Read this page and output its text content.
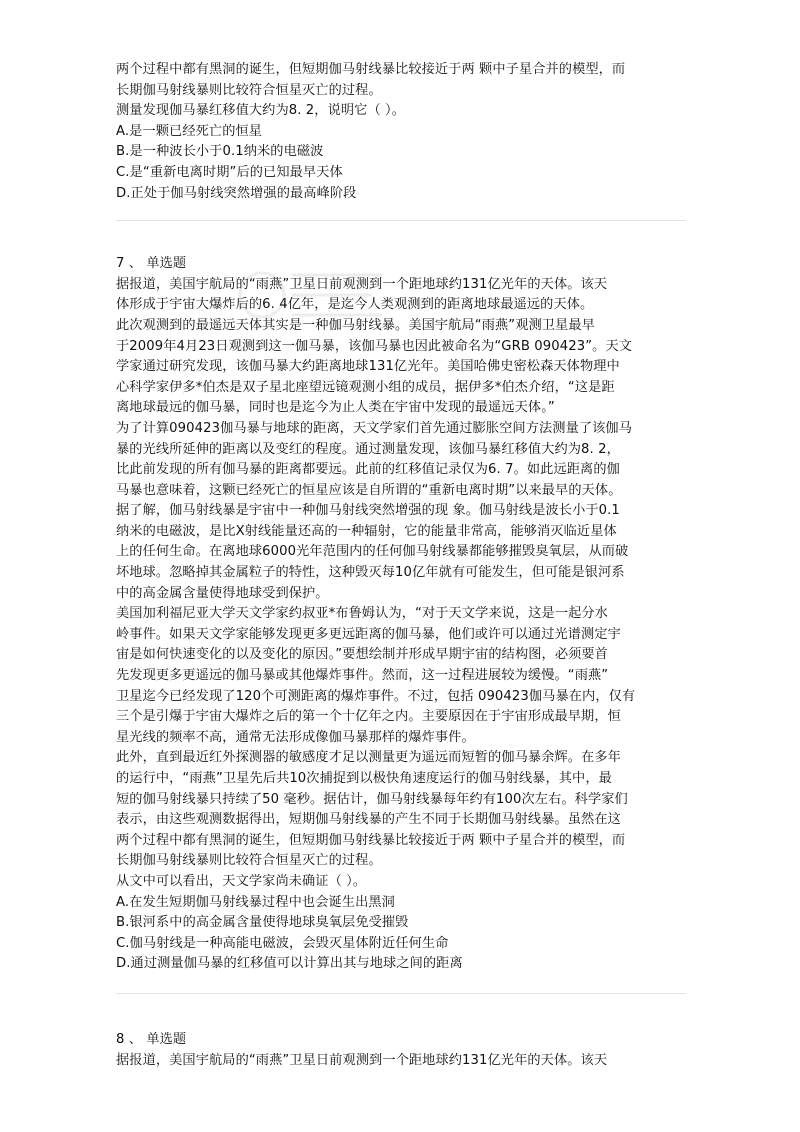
两个过程中都有黑洞的诞生，但短期伽马射线暴比较接近于两 颗中子星合并的模型，而
长期伽马射线暴则比较符合恒星灭亡的过程。
测量发现伽马暴红移值大约为8. 2，说明它（ ）。
A.是一颗已经死亡的恒星
B.是一种波长小于0.1纳米的电磁波
C.是“重新电离时期”后的已知最早天体
D.正处于伽马射线突然增强的最高峰阶段
7 、 单选题
据报道，美国宇航局的“雨燕”卫星日前观测到一个距地球约131亿光年的天体。该天
体形成于宇宙大爆炸后的6. 4亿年，是迄今人类观测到的距离地球最遥远的天体。
此次观测到的最遥远天体其实是一种伽马射线暴。美国宇航局“雨燕”观测卫星最早
于2009年4月23日观测到这一伽马暴，该伽马暴也因此被命名为“GRB 090423”。天文
学家通过研究发现，该伽马暴大约距离地球131亿光年。美国哈佛史密松森天体物理中
心科学家伊多*伯杰是双子星北座望远镜观测小组的成员，据伊多*伯杰介绍，“这是距
离地球最远的伽马暴，同时也是迄今为止人类在宇宙中发现的最遥远天体。”
为了计算090423伽马暴与地球的距离，天文学家们首先通过膨胀空间方法测量了该伽马
暴的光线所延伸的距离以及变红的程度。通过测量发现，该伽马暴红移值大约为8. 2，
比此前发现的所有伽马暴的距离都要远。此前的红移值记录仅为6. 7。如此远距离的伽
马暴也意味着，这颗已经死亡的恒星应该是自所谓的“重新电离时期”以来最早的天体。
据了解，伽马射线暴是宇宙中一种伽马射线突然增强的现 象。伽马射线是波长小于0.1
纳米的电磁波，是比X射线能量还高的一种辐射，它的能量非常高，能够消灭临近星体
上的任何生命。在离地球6000光年范围内的任何伽马射线暴都能够摧毁臭氧层，从而破
坏地球。忽略掉其金属粒子的特性，这种毁灭每10亿年就有可能发生，但可能是银河系
中的高金属含量使得地球受到保护。
美国加利福尼亚大学天文学家约叔亚*布鲁姆认为，“对于天文学来说，这是一起分水
岭事件。如果天文学家能够发现更多更远距离的伽马暴，他们或许可以通过光谱测定宇
宙是如何快速变化的以及变化的原因。”要想绘制并形成早期宇宙的结构图，必须要首
先发现更多更遥远的伽马暴或其他爆炸事件。然而，这一过程进展较为缓慢。“雨燕”
卫星迄今已经发现了120个可测距离的爆炸事件。不过，包括 090423伽马暴在内，仅有
三个是引爆于宇宙大爆炸之后的第一个十亿年之内。主要原因在于宇宙形成最早期，恒
星光线的频率不高，通常无法形成像伽马暴那样的爆炸事件。
此外，直到最近红外探测器的敏感度才足以测量更为遥远而短暂的伽马暴余辉。在多年
的运行中，“雨燕”卫星先后共10次捕捉到以极快角速度运行的伽马射线暴，其中，最
短的伽马射线暴只持续了50 毫秒。据估计，伽马射线暴每年约有100次左右。科学家们
表示，由这些观测数据得出，短期伽马射线暴的产生不同于长期伽马射线暴。虽然在这
两个过程中都有黑洞的诞生，但短期伽马射线暴比较接近于两 颗中子星合并的模型，而
长期伽马射线暴则比较符合恒星灭亡的过程。
从文中可以看出，天文学家尚未确证（ ）。
A.在发生短期伽马射线暴过程中也会诞生出黑洞
B.银河系中的高金属含量使得地球臭氧层免受摧毁
C.伽马射线是一种高能电磁波，会毁灭星体附近任何生命
D.通过测量伽马暴的红移值可以计算出其与地球之间的距离
8 、 单选题
据报道，美国宇航局的“雨燕”卫星日前观测到一个距地球约131亿光年的天体。该天
